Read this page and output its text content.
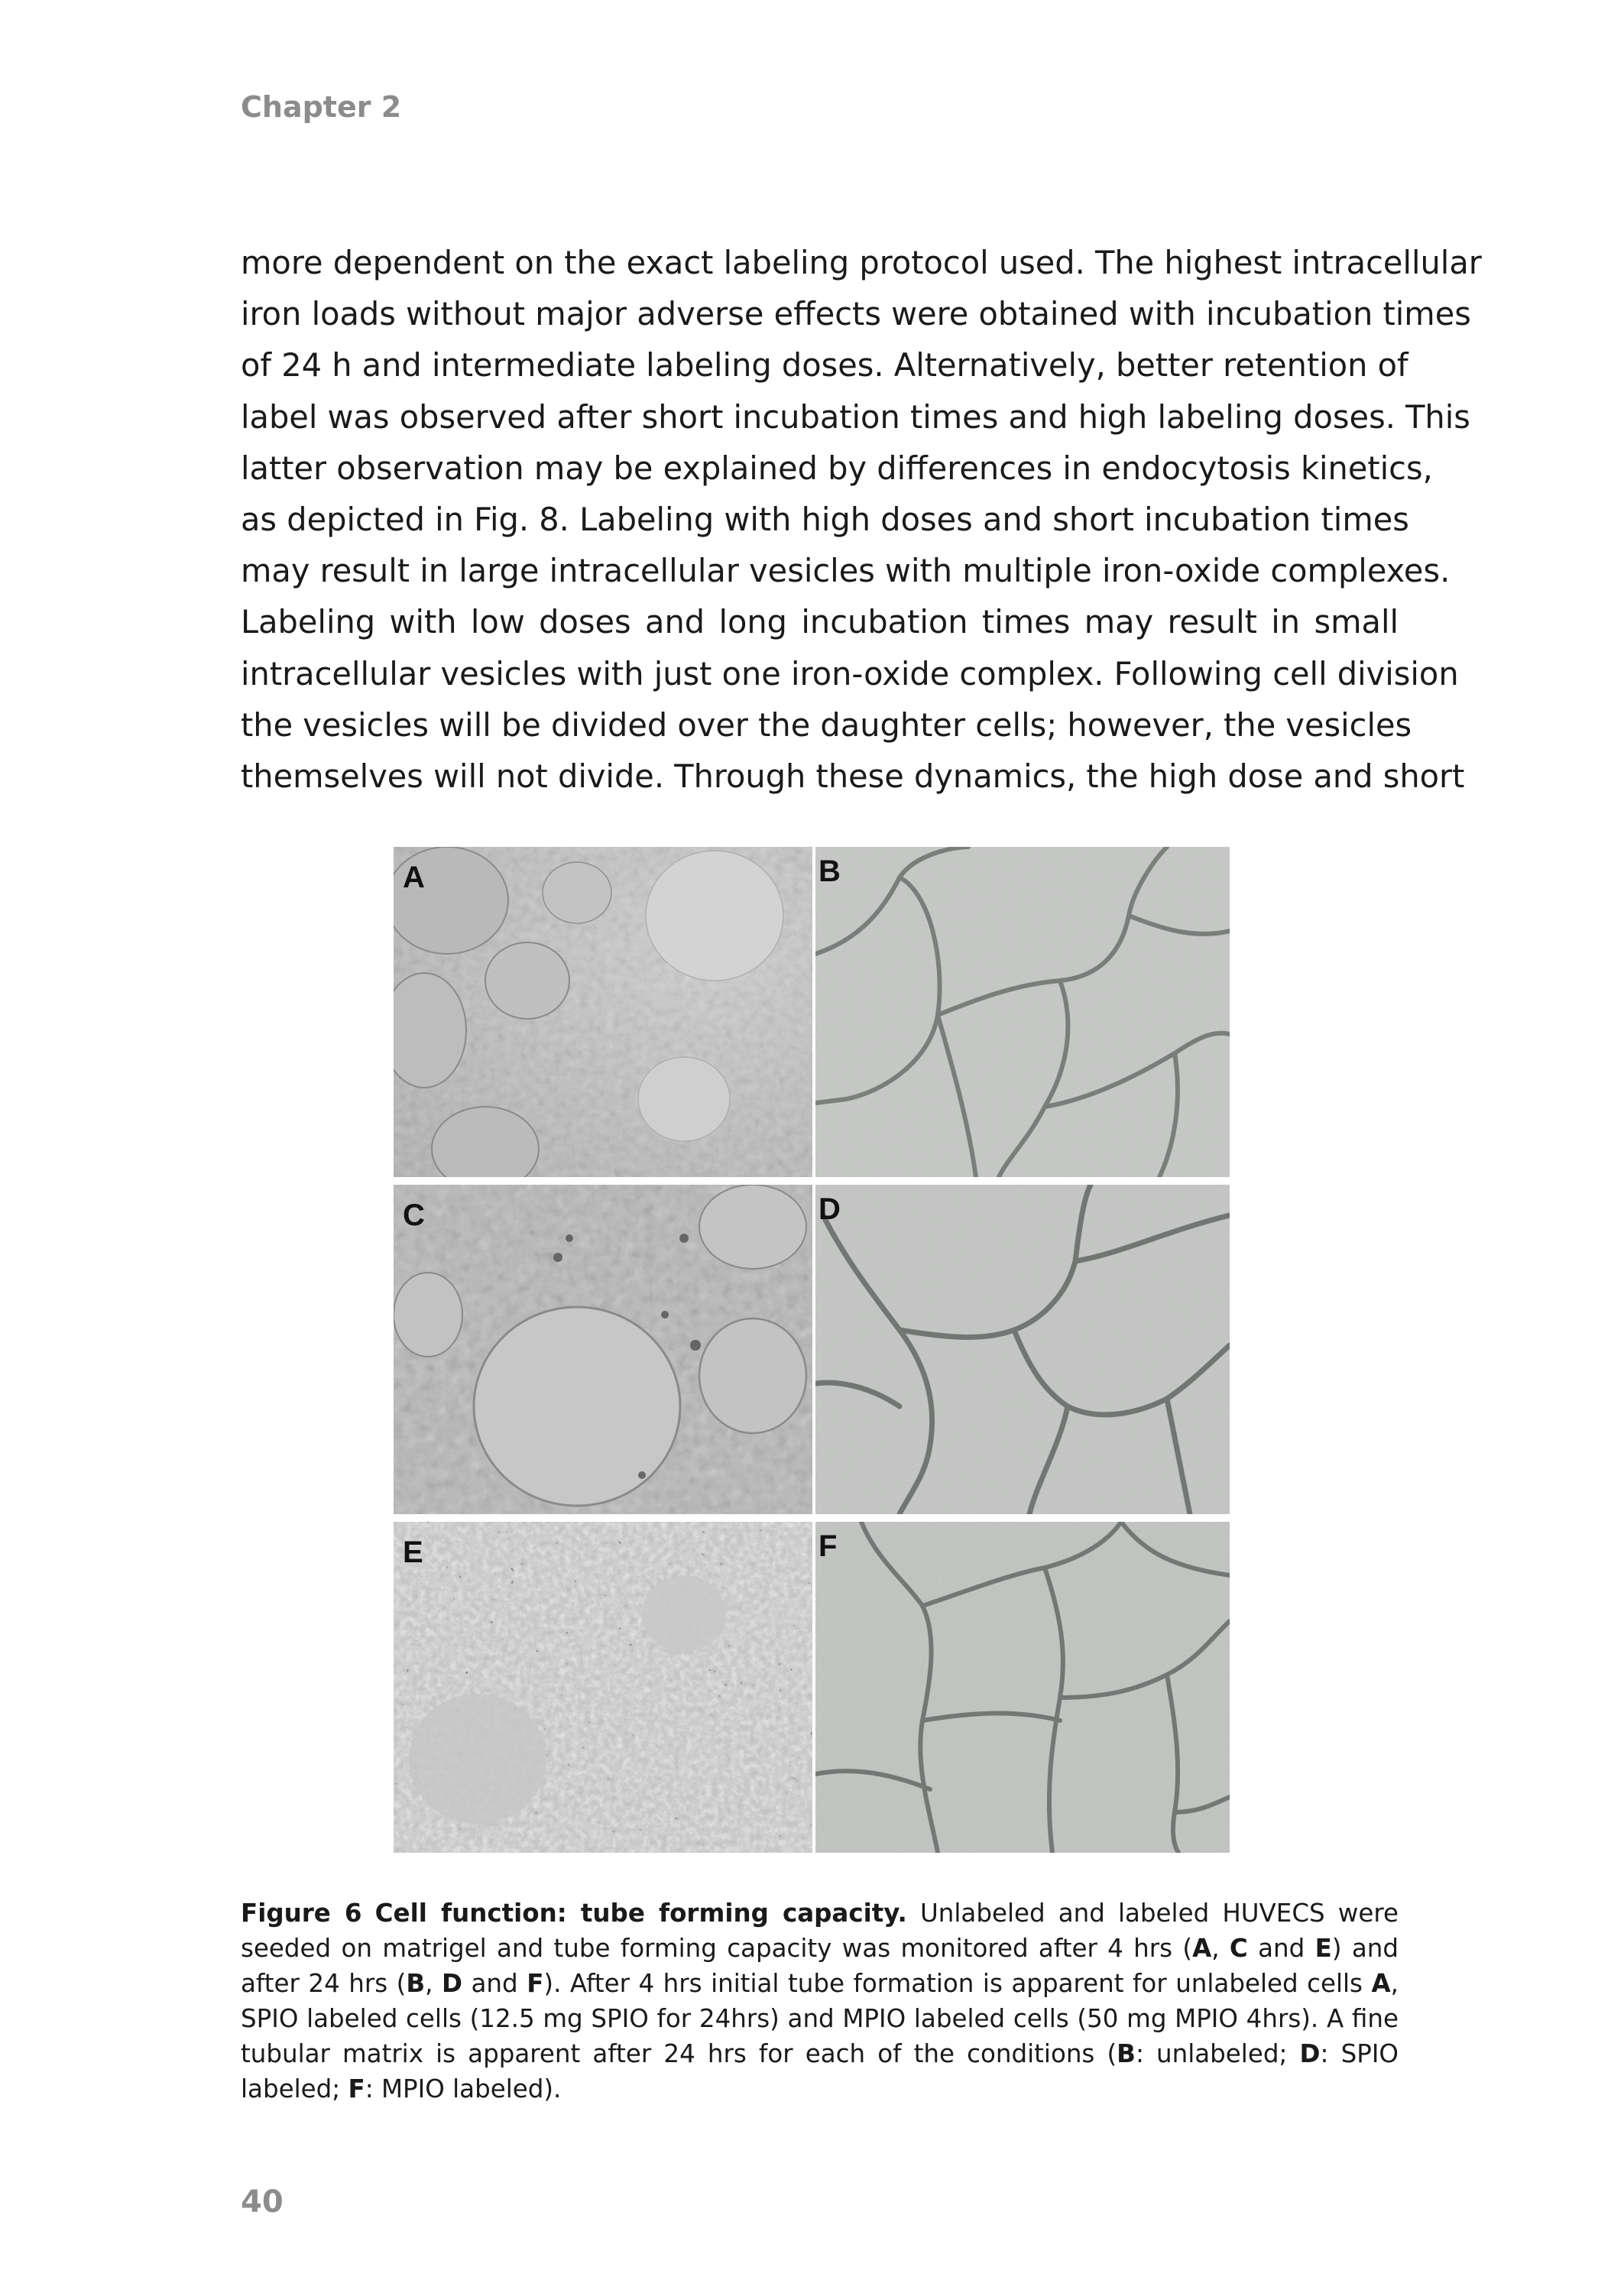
Chapter 2
more dependent on the exact labeling protocol used. The highest intracellular
iron loads without major adverse effects were obtained with incubation times
of 24 h and intermediate labeling doses. Alternatively, better retention of
label was observed after short incubation times and high labeling doses. This
latter observation may be explained by differences in endocytosis kinetics,
as depicted in Fig. 8. Labeling with high doses and short incubation times
may result in large intracellular vesicles with multiple iron-oxide complexes.
Labeling with low doses and long incubation times may result in small
intracellular vesicles with just one iron-oxide complex. Following cell division
the vesicles will be divided over the daughter cells; however, the vesicles
themselves will not divide. Through these dynamics, the high dose and short
A	B
C	D
E	F

Figure 6 Cell function: tube forming capacity. Unlabeled and labeled HUVECS were seeded on matrigel and tube forming capacity was monitored after 4 hrs (A, C and E) and after 24 hrs (B, D and F). After 4 hrs initial tube formation is apparent for unlabeled cells A, SPIO labeled cells (12.5 mg SPIO for 24hrs) and MPIO labeled cells (50 mg MPIO 4hrs). A fine tubular matrix is apparent after 24 hrs for each of the conditions (B: unlabeled; D: SPIO labeled; F: MPIO labeled).

40
